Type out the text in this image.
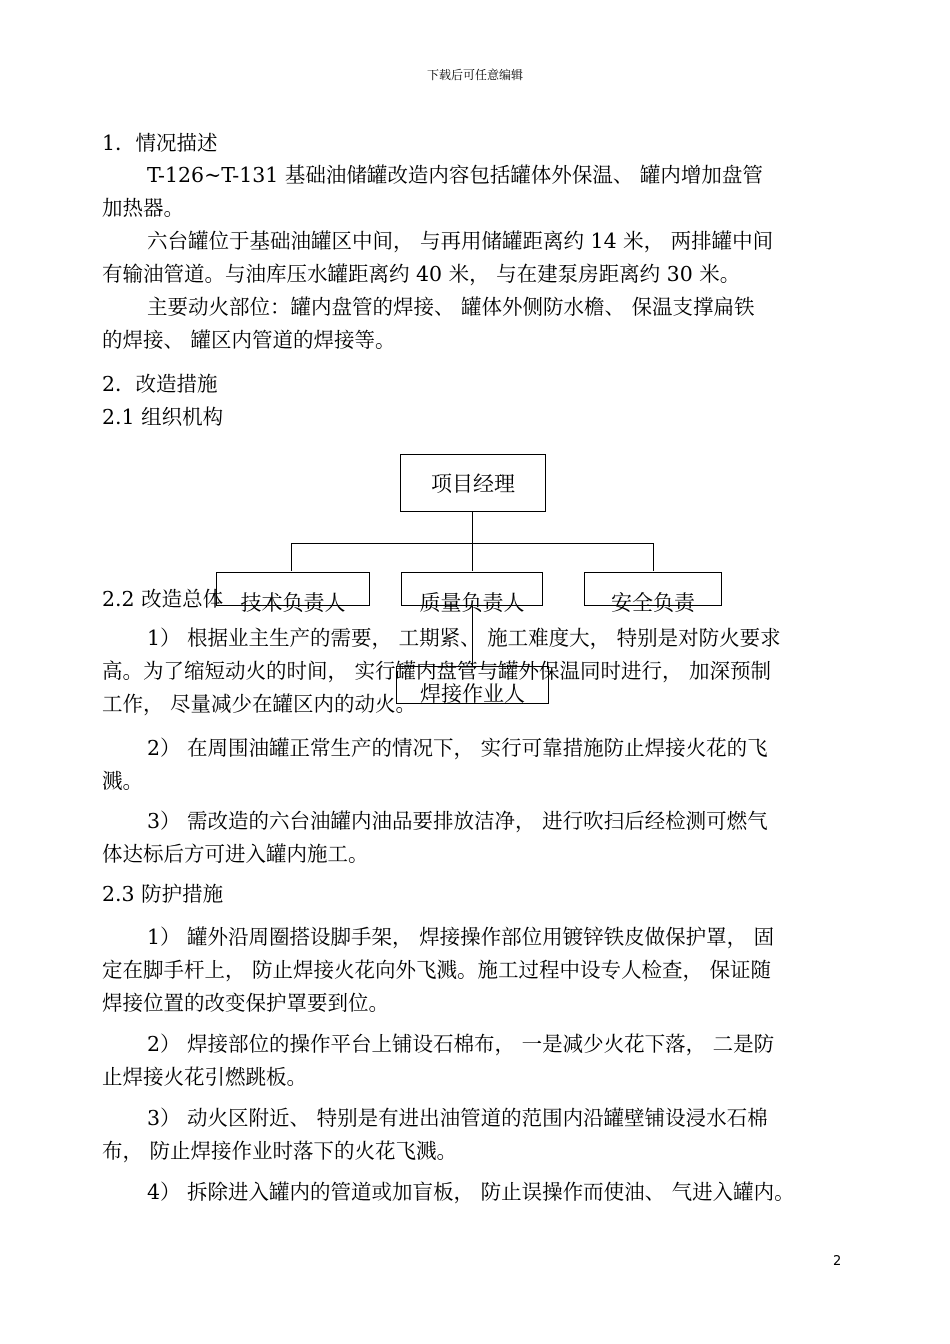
下载后可任意编辑
1．情况描述
T-126~T-131 基础油储罐改造内容包括罐体外保温、 罐内增加盘管
加热器。
六台罐位于基础油罐区中间， 与再用储罐距离约 14 米， 两排罐中间
有输油管道。与油库压水罐距离约 40 米， 与在建泵房距离约 30 米。
主要动火部位：罐内盘管的焊接、 罐体外侧防水檐、 保温支撑扁铁
的焊接、 罐区内管道的焊接等。
2．改造措施
2.1 组织机构
项目经理
2.2 改造总体 技术负责人	质量负责人	安全负责
1） 根据业主生产的需要， 工期紧、 施工难度大， 特别是对防火要求
高。为了缩短动火的时间， 实行罐内盘管与罐外保温同时进行， 加深预制
工作， 尽量减少在罐区内的动火。 焊接作业人
2） 在周围油罐正常生产的情况下， 实行可靠措施防止焊接火花的飞
溅。
3） 需改造的六台油罐内油品要排放洁净， 进行吹扫后经检测可燃气
体达标后方可进入罐内施工。
2.3 防护措施
1） 罐外沿周圈搭设脚手架， 焊接操作部位用镀锌铁皮做保护罩， 固
定在脚手杆上， 防止焊接火花向外飞溅。施工过程中设专人检查， 保证随
焊接位置的改变保护罩要到位。
2） 焊接部位的操作平台上铺设石棉布， 一是减少火花下落， 二是防
止焊接火花引燃跳板。
3） 动火区附近、 特别是有进出油管道的范围内沿罐壁铺设浸水石棉
布， 防止焊接作业时落下的火花飞溅。
4） 拆除进入罐内的管道或加盲板， 防止误操作而使油、 气进入罐内。
2
